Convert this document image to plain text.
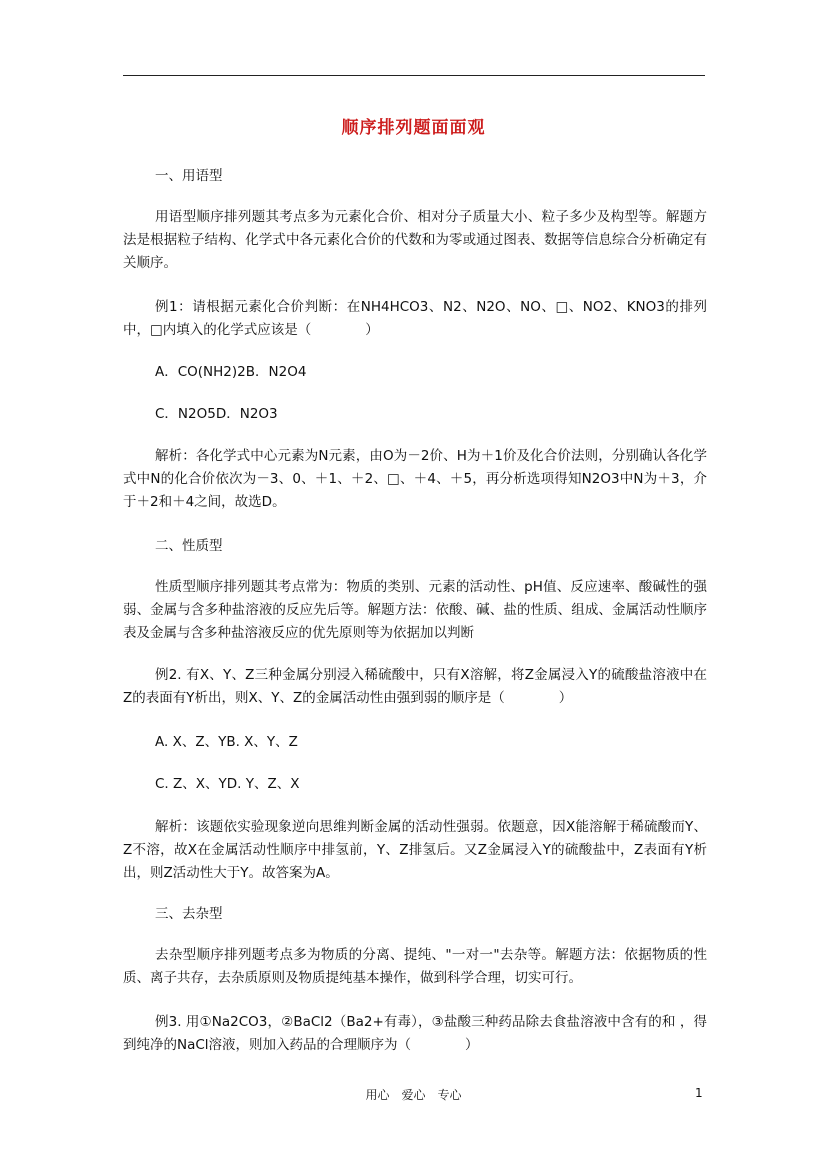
顺序排列题面面观

一、用语型

用语型顺序排列题其考点多为元素化合价、相对分子质量大小、粒子多少及构型等。解题方法是根据粒子结构、化学式中各元素化合价的代数和为零或通过图表、数据等信息综合分析确定有关顺序。

例1：请根据元素化合价判断：在NH4HCO3、N2、N2O、NO、□、NO2、KNO3的排列中，□内填入的化学式应该是（　　　　）

A．CO(NH2)2B．N2O4

C．N2O5D．N2O3

解析：各化学式中心元素为N元素，由O为－2价、H为＋1价及化合价法则，分别确认各化学式中N的化合价依次为－3、0、＋1、＋2、□、＋4、＋5，再分析选项得知N2O3中N为＋3，介于＋2和＋4之间，故选D。

二、性质型

性质型顺序排列题其考点常为：物质的类别、元素的活动性、pH值、反应速率、酸碱性的强弱、金属与含多种盐溶液的反应先后等。解题方法：依酸、碱、盐的性质、组成、金属活动性顺序表及金属与含多种盐溶液反应的优先原则等为依据加以判断

例2. 有X、Y、Z三种金属分别浸入稀硫酸中，只有X溶解，将Z金属浸入Y的硫酸盐溶液中在Z的表面有Y析出，则X、Y、Z的金属活动性由强到弱的顺序是（　　　　）

A. X、Z、YB. X、Y、Z

C. Z、X、YD. Y、Z、X

解析：该题依实验现象逆向思维判断金属的活动性强弱。依题意，因X能溶解于稀硫酸而Y、Z不溶，故X在金属活动性顺序中排氢前，Y、Z排氢后。又Z金属浸入Y的硫酸盐中，Z表面有Y析出，则Z活动性大于Y。故答案为A。

三、去杂型

去杂型顺序排列题考点多为物质的分离、提纯、"一对一"去杂等。解题方法：依据物质的性质、离子共存，去杂质原则及物质提纯基本操作，做到科学合理，切实可行。

例3. 用①Na2CO3，②BaCl2（Ba2+有毒），③盐酸三种药品除去食盐溶液中含有的和 ，得到纯净的NaCl溶液，则加入药品的合理顺序为（　　　　）

用心　爱心　专心	1
